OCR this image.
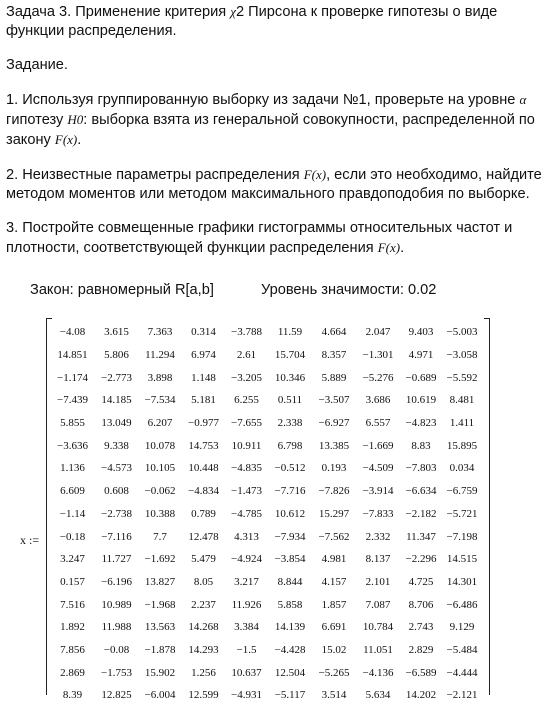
Задача 3. Применение критерия χ2 Пирсона к проверке гипотезы о виде функции распределения.

Задание.

1. Используя группированную выборку из задачи №1, проверьте на уровне α гипотезу H0: выборка взята из генеральной совокупности, распределенной по закону F(x).

2. Неизвестные параметры распределения F(x), если это необходимо, найдите методом моментов или методом максимального правдоподобия по выборке.

3. Постройте совмещенные графики гистограммы относительных частот и плотности, соответствующей функции распределения F(x).

Закон: равномерный R[a,b]	Уровень значимости: 0.02
x :=
−4.08	3.615	7.363	0.314	−3.788	11.59	4.664	2.047	9.403	−5.003
14.851	5.806	11.294	6.974	2.61	15.704	8.357	−1.301	4.971	−3.058
−1.174	−2.773	3.898	1.148	−3.205	10.346	5.889	−5.276	−0.689	−5.592
−7.439	14.185	−7.534	5.181	6.255	0.511	−3.507	3.686	10.619	8.481
5.855	13.049	6.207	−0.977	−7.655	2.338	−6.927	6.557	−4.823	1.411
−3.636	9.338	10.078	14.753	10.911	6.798	13.385	−1.669	8.83	15.895
1.136	−4.573	10.105	10.448	−4.835	−0.512	0.193	−4.509	−7.803	0.034
6.609	0.608	−0.062	−4.834	−1.473	−7.716	−7.826	−3.914	−6.634	−6.759
−1.14	−2.738	10.388	0.789	−4.785	10.612	15.297	−7.833	−2.182	−5.721
−0.18	−7.116	7.7	12.478	4.313	−7.934	−7.562	2.332	11.347	−7.198
3.247	11.727	−1.692	5.479	−4.924	−3.854	4.981	8.137	−2.296	14.515
0.157	−6.196	13.827	8.05	3.217	8.844	4.157	2.101	4.725	14.301
7.516	10.989	−1.968	2.237	11.926	5.858	1.857	7.087	8.706	−6.486
1.892	11.988	13.563	14.268	3.384	14.139	6.691	10.784	2.743	9.129
7.856	−0.08	−1.878	14.293	−1.5	−4.428	15.02	11.051	2.829	−5.484
2.869	−1.753	15.902	1.256	10.637	12.504	−5.265	−4.136	−6.589	−4.444
8.39	12.825	−6.004	12.599	−4.931	−5.117	3.514	5.634	14.202	−2.121
